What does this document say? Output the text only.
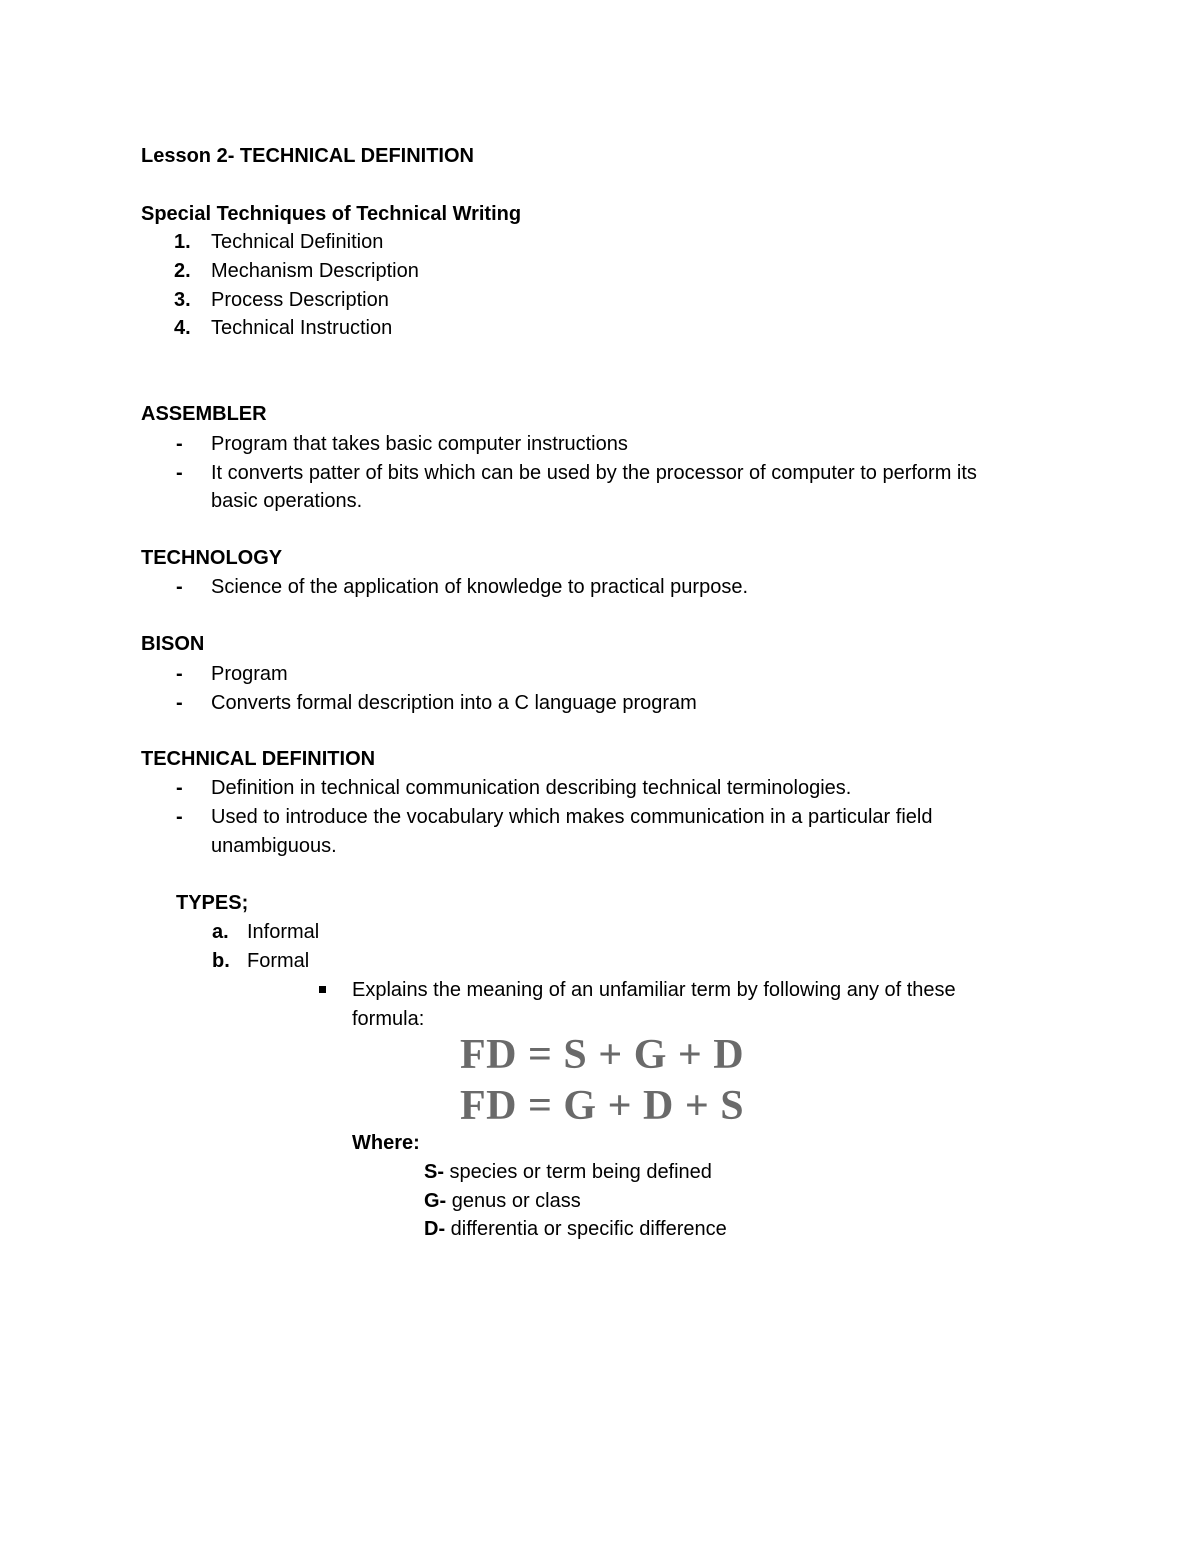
Lesson 2- TECHNICAL DEFINITION
Special Techniques of Technical Writing
1. Technical Definition
2. Mechanism Description
3. Process Description
4. Technical Instruction
ASSEMBLER
- Program that takes basic computer instructions
- It converts patter of bits which can be used by the processor of computer to perform its
basic operations.
TECHNOLOGY
- Science of the application of knowledge to practical purpose.
BISON
- Program
- Converts formal description into a C language program
TECHNICAL DEFINITION
- Definition in technical communication describing technical terminologies.
- Used to introduce the vocabulary which makes communication in a particular field
unambiguous.
TYPES;
a. Informal
b. Formal
Explains the meaning of an unfamiliar term by following any of these
formula:
FD = S + G + D
FD = G + D + S
Where:
S- species or term being defined
G- genus or class
D- differentia or specific difference
